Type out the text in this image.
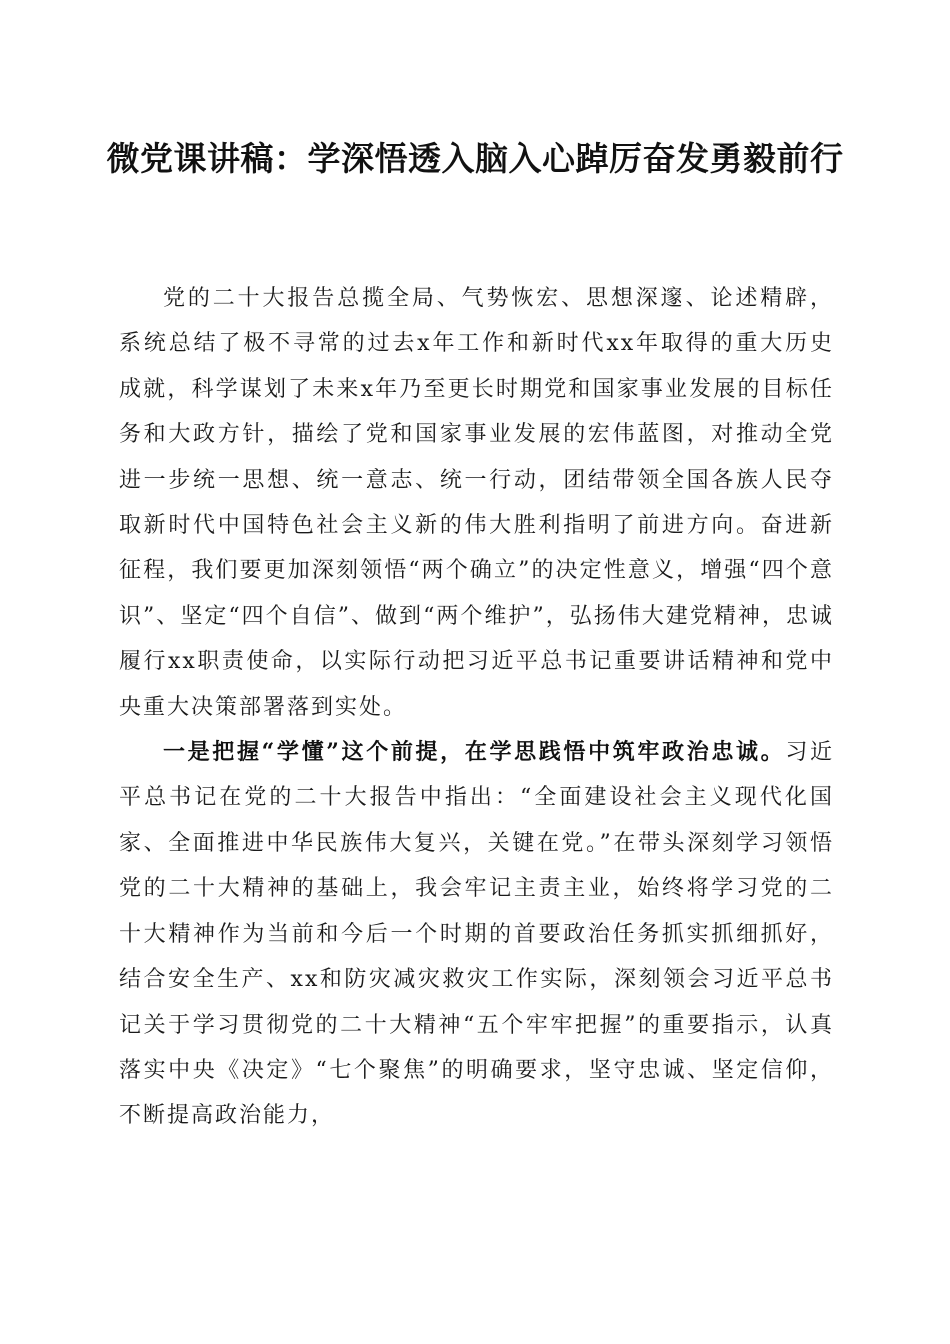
微党课讲稿：学深悟透入脑入心踔厉奋发勇毅前行

党的二十大报告总揽全局、气势恢宏、思想深邃、论述精辟，系统总结了极不寻常的过去x年工作和新时代xx年取得的重大历史成就，科学谋划了未来x年乃至更长时期党和国家事业发展的目标任务和大政方针，描绘了党和国家事业发展的宏伟蓝图，对推动全党进一步统一思想、统一意志、统一行动，团结带领全国各族人民夺取新时代中国特色社会主义新的伟大胜利指明了前进方向。奋进新征程，我们要更加深刻领悟“两个确立”的决定性意义，增强“四个意识”、坚定“四个自信”、做到“两个维护”，弘扬伟大建党精神，忠诚履行xx职责使命，以实际行动把习近平总书记重要讲话精神和党中央重大决策部署落到实处。

一是把握“学懂”这个前提，在学思践悟中筑牢政治忠诚。习近平总书记在党的二十大报告中指出：“全面建设社会主义现代化国家、全面推进中华民族伟大复兴，关键在党。”在带头深刻学习领悟党的二十大精神的基础上，我会牢记主责主业，始终将学习党的二十大精神作为当前和今后一个时期的首要政治任务抓实抓细抓好，结合安全生产、xx和防灾减灾救灾工作实际，深刻领会习近平总书记关于学习贯彻党的二十大精神“五个牢牢把握”的重要指示，认真落实中央《决定》“七个聚焦”的明确要求，坚守忠诚、坚定信仰，不断提高政治能力，
